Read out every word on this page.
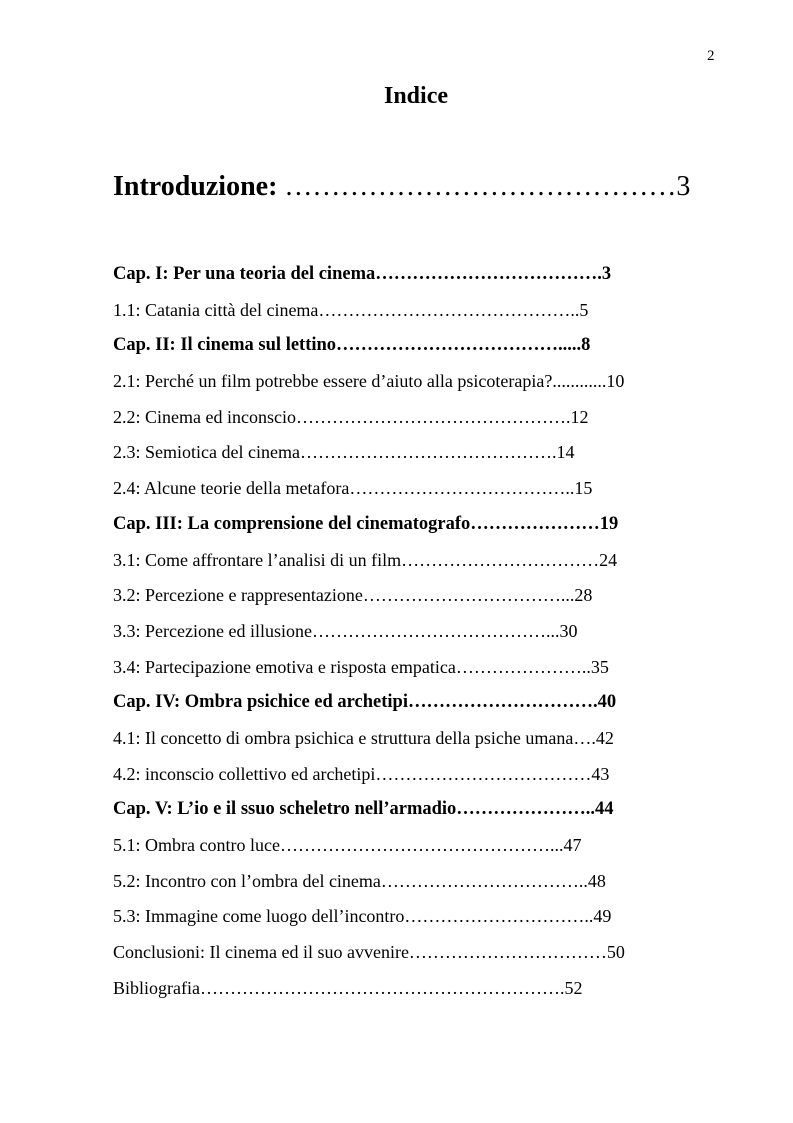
2
Indice
Introduzione: ……………………………………3
Cap. I: Per una teoria del cinema……………………………….3
1.1: Catania città del cinema……………………………………..5
Cap. II: Il cinema sul lettino……………………………….....8
2.1: Perché un film potrebbe essere d’aiuto alla psicoterapia?............10
2.2: Cinema ed inconscio……………………………………….12
2.3: Semiotica del cinema…………………………………….14
2.4: Alcune teorie della metafora………………………………..15
Cap. III: La comprensione del cinematografo…………………19
3.1: Come affrontare l’analisi di un film……………………………24
3.2: Percezione e rappresentazione……………………………...28
3.3: Percezione ed illusione…………………………………...30
3.4: Partecipazione emotiva e risposta empatica…………………..35
Cap. IV: Ombra psichice ed archetipi………………………….40
4.1: Il concetto di ombra psichica e struttura della psiche umana….42
4.2: inconscio collettivo ed archetipi………………………………43
Cap. V: L’io e il ssuo scheletro nell’armadio…………………..44
5.1: Ombra contro luce………………………………………...47
5.2: Incontro con l’ombra del cinema……………………………..48
5.3: Immagine come luogo dell’incontro…………………………..49
Conclusioni: Il cinema ed il suo avvenire……………………………50
Bibliografia…………………………………………………….52
